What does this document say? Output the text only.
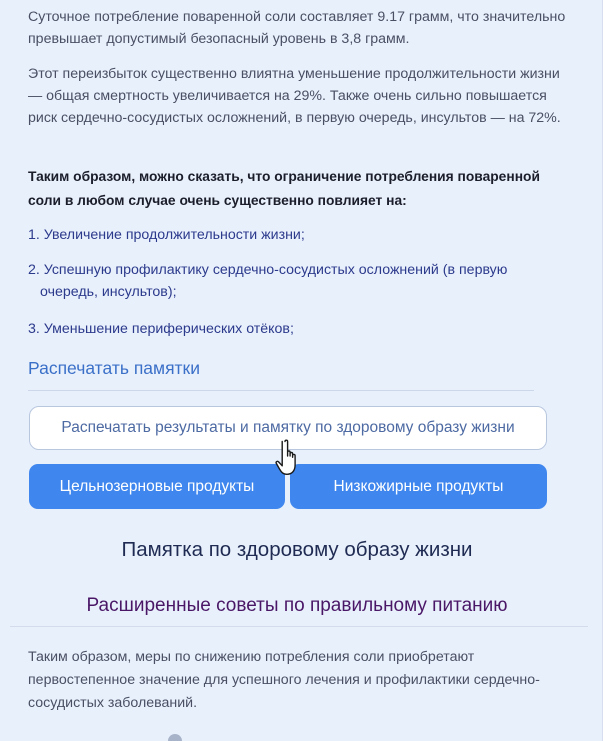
Суточное потребление поваренной соли составляет 9.17 грамм, что значительно превышает допустимый безопасный уровень в 3,8 грамм.

Этот переизбыток существенно влиятна уменьшение продолжительности жизни — общая смертность увеличивается на 29%. Также очень сильно повышается риск сердечно-сосудистых осложнений, в первую очередь, инсультов — на 72%.

Таким образом, можно сказать, что ограничение потребления поваренной соли в любом случае очень существенно повлияет на:

1. Увеличение продолжительности жизни;

2. Успешную профилактику сердечно-сосудистых осложнений (в первую
очередь, инсультов);

3. Уменьшение периферических отёков;

Распечатать памятки
Распечатать результаты и памятку по здоровому образу жизни
Цельнозерновые продукты	Низкожирные продукты
Памятка по здоровому образу жизни
Расширенные советы по правильному питанию

Таким образом, меры по снижению потребления соли приобретают первостепенное значение для успешного лечения и профилактики сердечно-сосудистых заболеваний.
